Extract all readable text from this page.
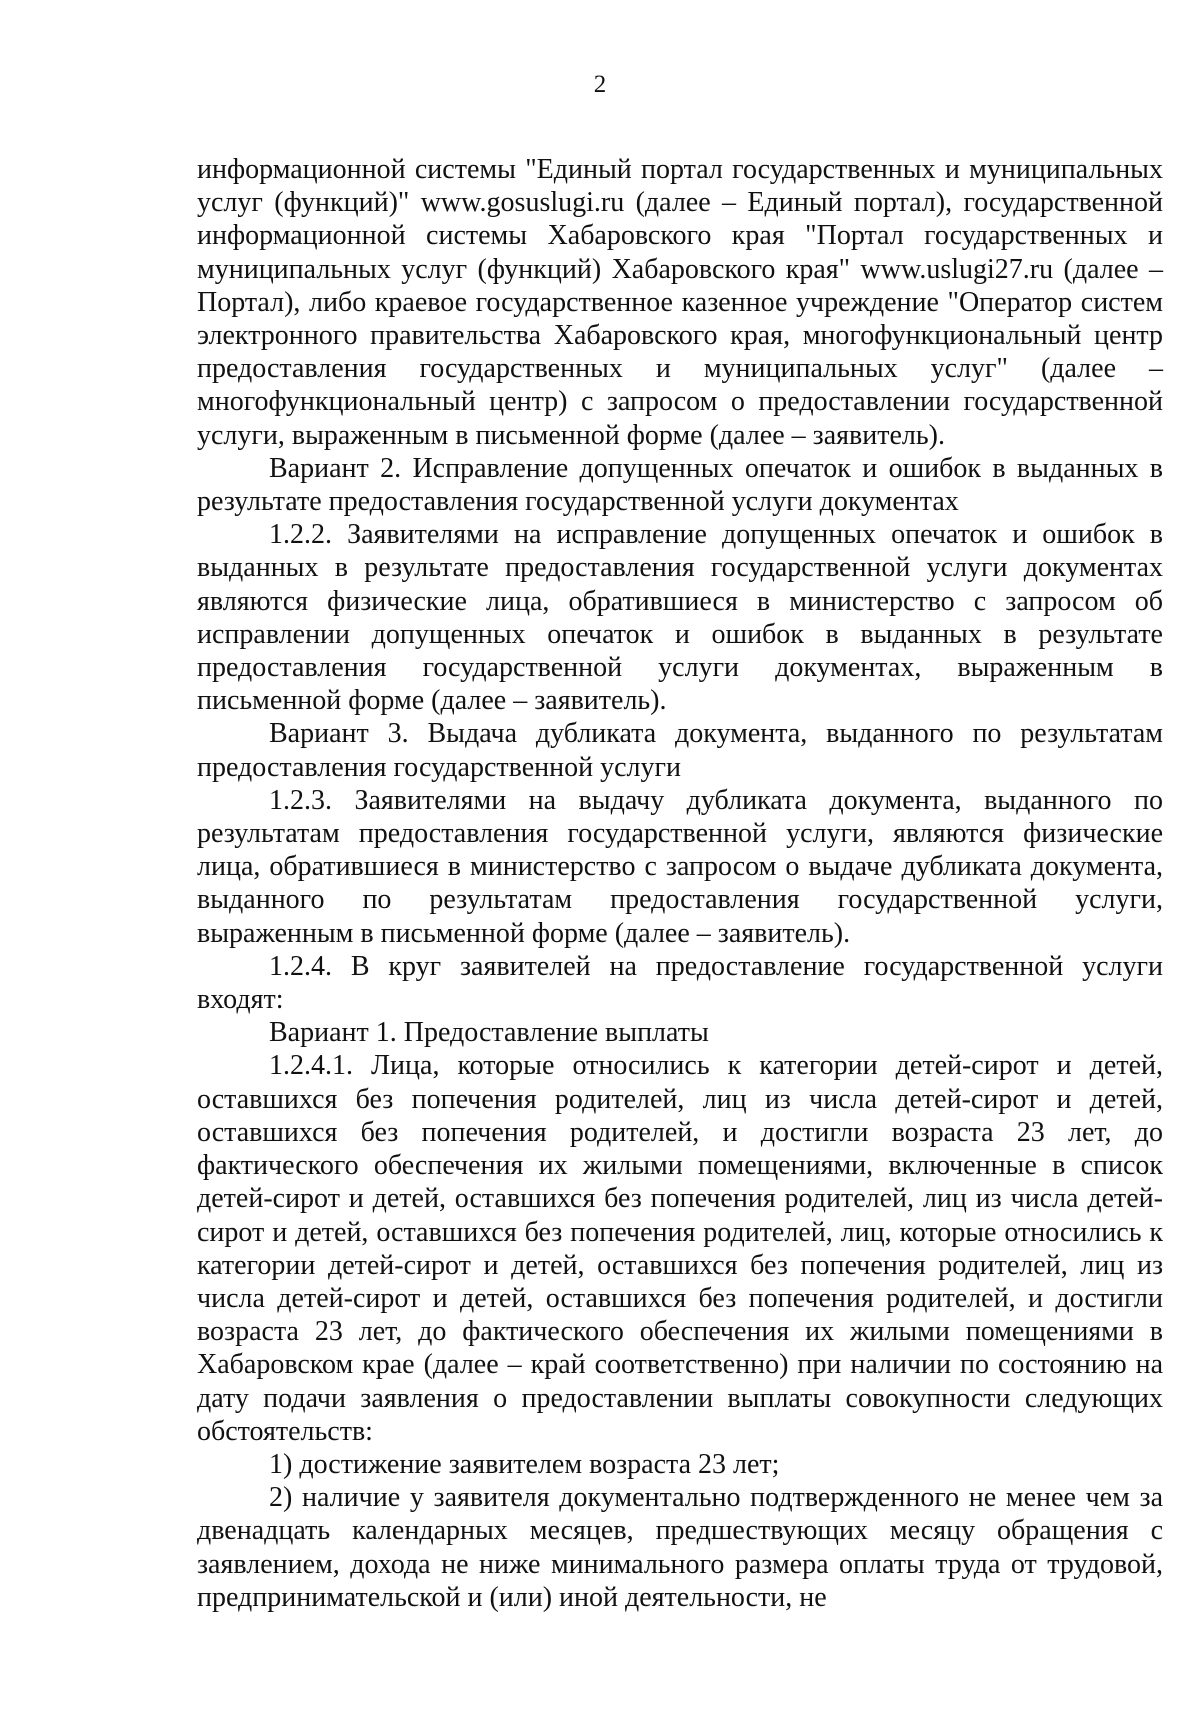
2

информационной системы "Единый портал государственных и муниципальных услуг (функций)" www.gosuslugi.ru (далее – Единый портал), государственной информационной системы Хабаровского края "Портал государственных и муниципальных услуг (функций) Хабаровского края" www.uslugi27.ru (далее – Портал), либо краевое государственное казенное учреждение "Оператор систем электронного правительства Хабаровского края, многофункциональный центр предоставления государственных и муниципальных услуг" (далее – многофункциональный центр) с запросом о предоставлении государственной услуги, выраженным в письменной форме (далее – заявитель).

Вариант 2. Исправление допущенных опечаток и ошибок в выданных в результате предоставления государственной услуги документах

1.2.2. Заявителями на исправление допущенных опечаток и ошибок в выданных в результате предоставления государственной услуги документах являются физические лица, обратившиеся в министерство с запросом об исправлении допущенных опечаток и ошибок в выданных в результате предоставления государственной услуги документах, выраженным в письменной форме (далее – заявитель).

Вариант 3. Выдача дубликата документа, выданного по результатам предоставления государственной услуги

1.2.3. Заявителями на выдачу дубликата документа, выданного по результатам предоставления государственной услуги, являются физические лица, обратившиеся в министерство с запросом о выдаче дубликата документа, выданного по результатам предоставления государственной услуги, выраженным в письменной форме (далее – заявитель).

1.2.4. В круг заявителей на предоставление государственной услуги входят:

Вариант 1. Предоставление выплаты

1.2.4.1. Лица, которые относились к категории детей-сирот и детей, оставшихся без попечения родителей, лиц из числа детей-сирот и детей, оставшихся без попечения родителей, и достигли возраста 23 лет, до фактического обеспечения их жилыми помещениями, включенные в список детей-сирот и детей, оставшихся без попечения родителей, лиц из числа детей-сирот и детей, оставшихся без попечения родителей, лиц, которые относились к категории детей-сирот и детей, оставшихся без попечения родителей, лиц из числа детей-сирот и детей, оставшихся без попечения родителей, и достигли возраста 23 лет, до фактического обеспечения их жилыми помещениями в Хабаровском крае (далее – край соответственно) при наличии по состоянию на дату подачи заявления о предоставлении выплаты совокупности следующих обстоятельств:

1) достижение заявителем возраста 23 лет;

2) наличие у заявителя документально подтвержденного не менее чем за двенадцать календарных месяцев, предшествующих месяцу обращения с заявлением, дохода не ниже минимального размера оплаты труда от трудовой, предпринимательской и (или) иной деятельности, не
